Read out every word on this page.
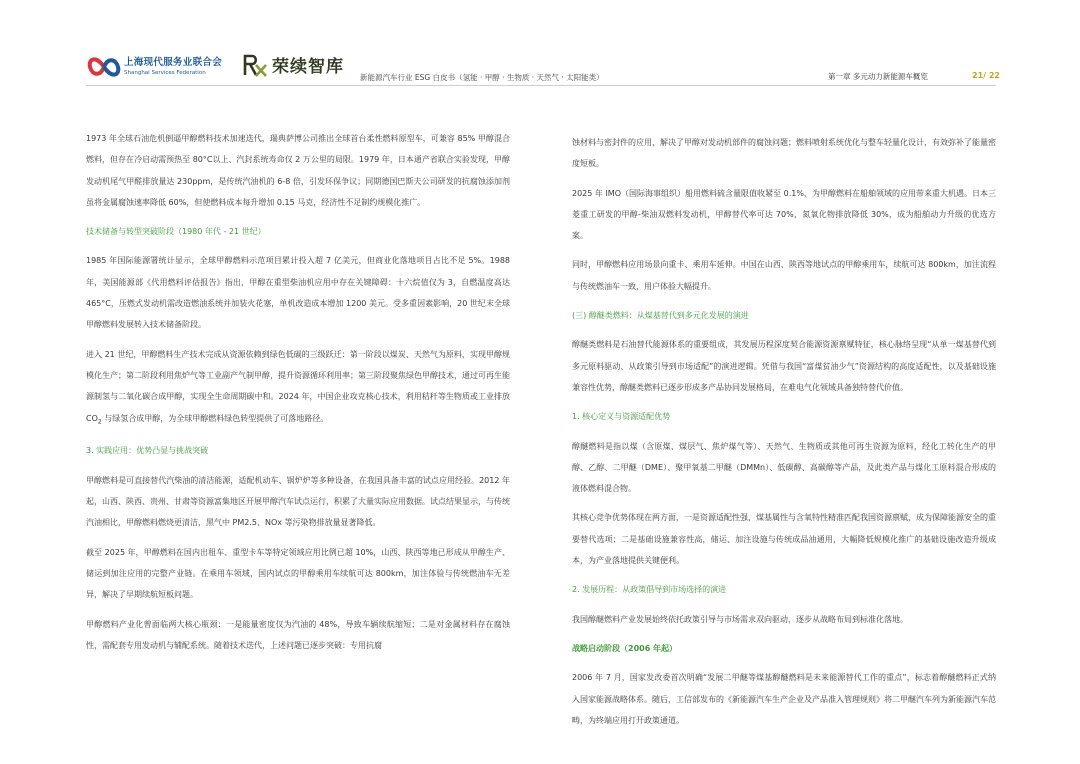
上海现代服务业联合会
Shanghai Services Federation	荣续智库
新能源汽车行业 ESG 白皮书（氢能 · 甲醇 · 生物质 · 天然气 · 太阳能类）	第一章 多元动力新能源车概览	21/ 22

1973 年全球石油危机倒逼甲醇燃料技术加速迭代，瑞典萨博公司推出全球首台柔性燃料原型车，可兼容 85% 甲醇混合燃料，但存在冷启动需预热至 80°C以上、汽封系统寿命仅 2 万公里的局限。1979 年，日本通产省联合实验发现，甲醇发动机尾气甲醛排放量达 230ppm，是传统汽油机的 6-8 倍，引发环保争议；同期德国巴斯夫公司研发的抗腐蚀添加剂虽将金属腐蚀速率降低 60%，但使燃料成本每升增加 0.15 马克，经济性不足制约规模化推广。

技术储备与转型突破阶段（1980 年代 - 21 世纪）

1985 年国际能源署统计显示，全球甲醇燃料示范项目累计投入超 7 亿美元，但商业化落地项目占比不足 5%。1988 年，美国能源部《代用燃料评估报告》指出，甲醇在重型柴油机应用中存在关键障碍：十六烷值仅为 3，自燃温度高达 465°C，压燃式发动机需改造燃油系统并加装火花塞，单机改造成本增加 1200 美元。受多重因素影响，20 世纪末全球甲醇燃料发展转入技术储备阶段。

进入 21 世纪，甲醇燃料生产技术完成从资源依赖到绿色低碳的三级跃迁：第一阶段以煤炭、天然气为原料，实现甲醇规模化生产；第二阶段利用焦炉气等工业副产气制甲醇，提升资源循环利用率；第三阶段聚焦绿色甲醇技术，通过可再生能源制氢与二氧化碳合成甲醇，实现全生命周期碳中和。2024 年，中国企业攻克核心技术，利用秸秆等生物质或工业排放 $CO_2$ 与绿氢合成甲醇，为全球甲醇燃料绿色转型提供了可落地路径。

3. 实践应用：优势凸显与挑战突破

甲醇燃料是可直接替代汽柴油的清洁能源，适配机动车、锅炉炉等多种设备，在我国具备丰富的试点应用经验。2012 年起，山西、陕西、贵州、甘肃等资源富集地区开展甲醇汽车试点运行，积累了大量实际应用数据。试点结果显示，与传统汽油相比，甲醇燃料燃烧更清洁，黑气中 PM2.5、NOx 等污染物排放量显著降低。

截至 2025 年，甲醇燃料在国内出租车、重型卡车等特定领域应用比例已超 10%，山西、陕西等地已形成从甲醇生产、储运到加注应用的完整产业链。在乘用车领域，国内试点的甲醇乘用车续航可达 800km，加注体验与传统燃油车无差异，解决了早期续航短板问题。

甲醇燃料产业化曾面临两大核心瓶颈：一是能量密度仅为汽油的 48%，导致车辆续航缩短；二是对金属材料存在腐蚀性，需配套专用发动机与辅配系统。随着技术迭代，上述问题已逐步突破：专用抗腐

蚀材料与密封件的应用，解决了甲醇对发动机部件的腐蚀问题；燃料喷射系统优化与整车轻量化设计，有效弥补了能量密度短板。

2025 年 IMO（国际海事组织）船用燃料硫含量限值收紧至 0.1%，为甲醇燃料在船舶领域的应用带来重大机遇。日本三菱重工研发的甲醇-柴油双燃料发动机，甲醇替代率可达 70%，氮氧化物排放降低 30%，成为船舶动力升级的优选方案。

同时，甲醇燃料应用场景向重卡、乘用车延伸。中国在山西、陕西等地试点的甲醇乘用车，续航可达 800km，加注流程与传统燃油车一致，用户体验大幅提升。

(三) 醇醚类燃料：从煤基替代到多元化发展的演进

醇醚类燃料是石油替代能源体系的重要组成，其发展历程深度契合能源资源禀赋特征，核心脉络呈现“从单一煤基替代到多元原料驱动、从政策引导到市场适配”的演进逻辑。凭借与我国“富煤贫油少气”资源结构的高度适配性，以及基础设施兼容性优势，醇醚类燃料已逐步形成多产品协同发展格局，在难电气化领域具备独特替代价值。

1. 核心定义与资源适配优势

醇醚燃料是指以煤（含原煤、煤层气、焦炉煤气等）、天然气、生物质或其他可再生资源为原料，经化工转化生产的甲醇、乙醇、二甲醚（DME）、聚甲氧基二甲醚（DMMn）、低碳醇、高碳醇等产品，及此类产品与煤化工原料混合形成的液体燃料混合物。

其核心竞争优势体现在两方面，一是资源适配性强，煤基属性与含氧特性精准匹配我国资源禀赋，成为保障能源安全的重要替代选项；二是基础设施兼容性高，储运、加注设施与传统成品油通用，大幅降低规模化推广的基础设施改造升级成本，为产业落地提供关键便利。

2. 发展历程：从政策倡导到市场选择的演进

我国醇醚燃料产业发展始终依托政策引导与市场需求双向驱动，逐步从战略布局到标准化落地。

战略启动阶段（2006 年起）

2006 年 7 月，国家发改委首次明确“发展二甲醚等煤基醇醚燃料是未来能源替代工作的重点”，标志着醇醚燃料正式纳入国家能源战略体系。随后，工信部发布的《新能源汽车生产企业及产品准入管理规则》将二甲醚汽车列为新能源汽车范畴，为终端应用打开政策通道。
